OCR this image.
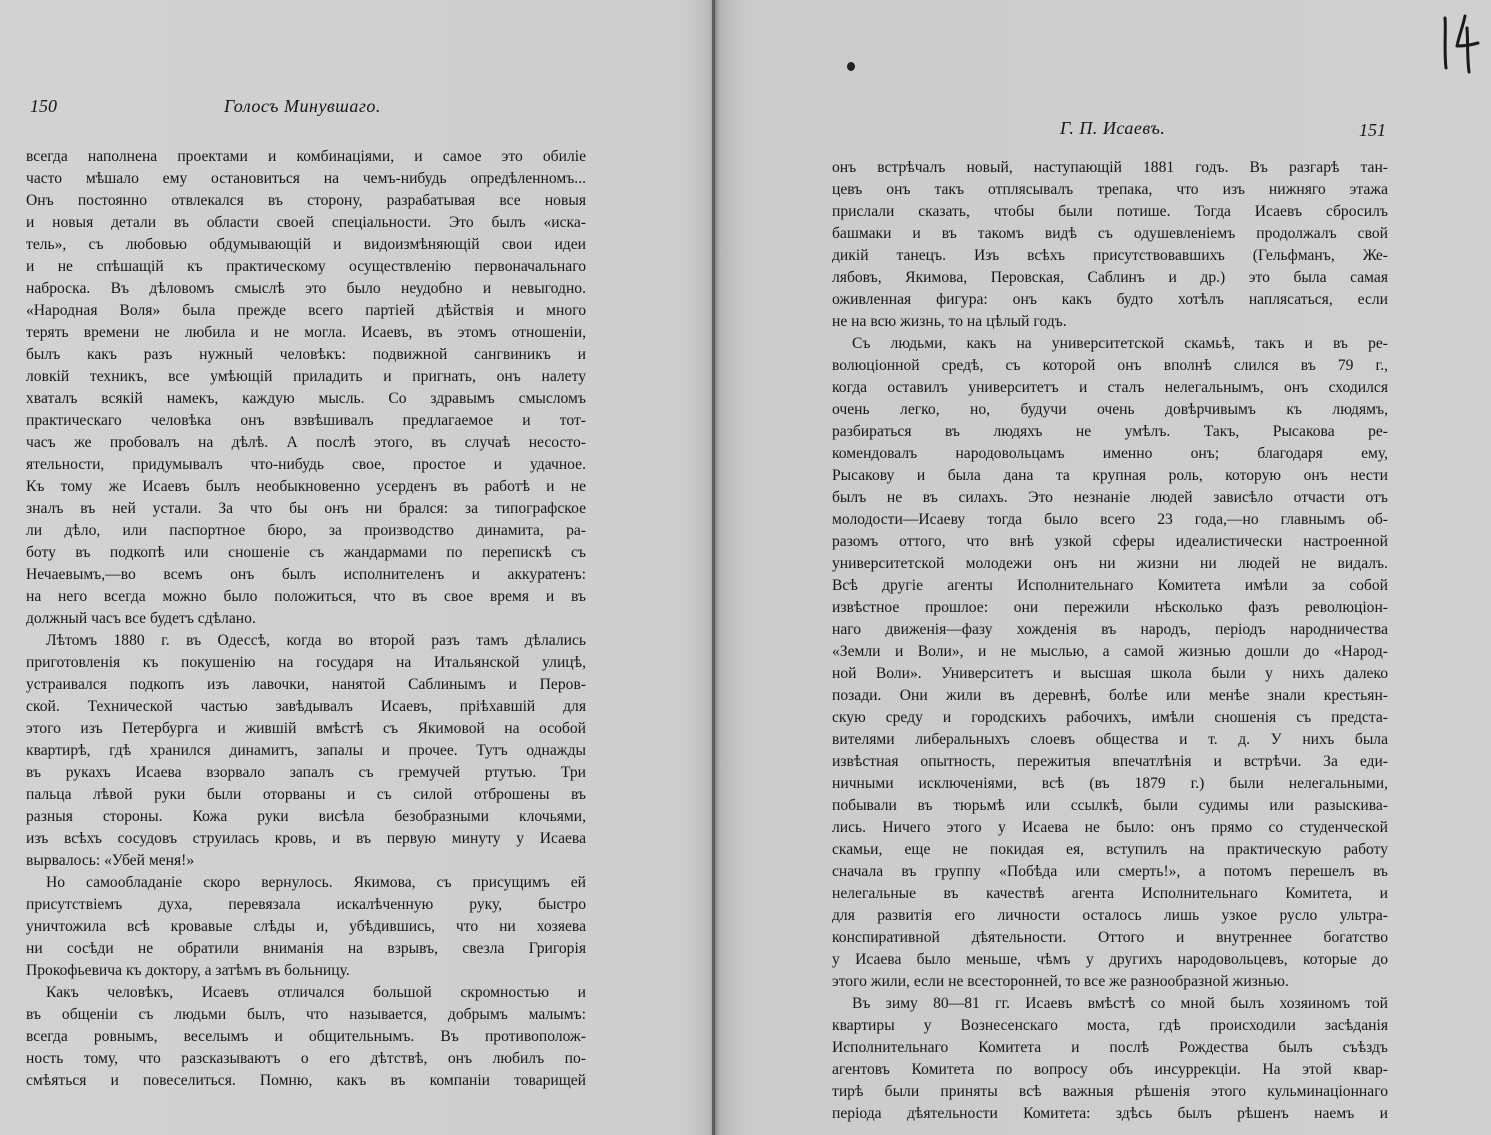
150	Голосъ Минувшаго.
всегда наполнена проектами и комбинаціями, и самое это обиліе
часто мѣшало ему остановиться на чемъ-нибудь опредѣленномъ...
Онъ постоянно отвлекался въ сторону, разрабатывая все новыя
и новыя детали въ области своей спеціальности. Это былъ «иска-
тель», съ любовью обдумывающій и видоизмѣняющій свои идеи
и не спѣшащій къ практическому осуществленію первоначальнаго
наброска. Въ дѣловомъ смыслѣ это было неудобно и невыгодно.
«Народная Воля» была прежде всего партіей дѣйствія и много
терять времени не любила и не могла. Исаевъ, въ этомъ отношеніи,
былъ какъ разъ нужный человѣкъ: подвижной сангвиникъ и
ловкій техникъ, все умѣющій приладить и пригнать, онъ налету
хваталъ всякій намекъ, каждую мысль. Со здравымъ смысломъ
практическаго человѣка онъ взвѣшивалъ предлагаемое и тот-
часъ же пробовалъ на дѣлѣ. А послѣ этого, въ случаѣ несосто-
ятельности, придумывалъ что-нибудь свое, простое и удачное.
Къ тому же Исаевъ былъ необыкновенно усерденъ въ работѣ и не
зналъ въ ней устали. За что бы онъ ни брался: за типографское
ли дѣло, или паспортное бюро, за производство динамита, ра-
боту въ подкопѣ или сношеніе съ жандармами по перепискѣ съ
Нечаевымъ,—во всемъ онъ былъ исполнителенъ и аккуратенъ:
на него всегда можно было положиться, что въ свое время и въ
должный часъ все будетъ сдѣлано.
Лѣтомъ 1880 г. въ Одессѣ, когда во второй разъ тамъ дѣлались
приготовленія къ покушенію на государя на Итальянской улицѣ,
устраивался подкопъ изъ лавочки, нанятой Саблинымъ и Перов-
ской. Технической частью завѣдывалъ Исаевъ, пріѣхавшій для
этого изъ Петербурга и жившій вмѣстѣ съ Якимовой на особой
квартирѣ, гдѣ хранился динамитъ, запалы и прочее. Тутъ однажды
въ рукахъ Исаева взорвало запалъ съ гремучей ртутью. Три
пальца лѣвой руки были оторваны и съ силой отброшены въ
разныя стороны. Кожа руки висѣла безобразными клочьями,
изъ всѣхъ сосудовъ струилась кровь, и въ первую минуту у Исаева
вырвалось: «Убей меня!»
Но самообладаніе скоро вернулось. Якимова, съ присущимъ ей
присутствіемъ духа, перевязала искалѣченную руку, быстро
уничтожила всѣ кровавые слѣды и, убѣдившись, что ни хозяева
ни сосѣди не обратили вниманія на взрывъ, свезла Григорія
Прокофьевича къ доктору, а затѣмъ въ больницу.
Какъ человѣкъ, Исаевъ отличался большой скромностью и
въ общеніи съ людьми былъ, что называется, добрымъ малымъ:
всегда ровнымъ, веселымъ и общительнымъ. Въ противополож-
ность тому, что разсказываютъ о его дѣтствѣ, онъ любилъ по-
смѣяться и повеселиться. Помню, какъ въ компаніи товарищей
Г. П. Исаевъ.	151
онъ встрѣчалъ новый, наступающій 1881 годъ. Въ разгарѣ тан-
цевъ онъ такъ отплясывалъ трепака, что изъ нижняго этажа
прислали сказать, чтобы были потише. Тогда Исаевъ сбросилъ
башмаки и въ такомъ видѣ съ одушевленіемъ продолжалъ свой
дикій танецъ. Изъ всѣхъ присутствовавшихъ (Гельфманъ, Же-
лябовъ, Якимова, Перовская, Саблинъ и др.) это была самая
оживленная фигура: онъ какъ будто хотѣлъ наплясаться, если
не на всю жизнь, то на цѣлый годъ.
Съ людьми, какъ на университетской скамьѣ, такъ и въ ре-
волюціонной средѣ, съ которой онъ вполнѣ слился въ 79 г.,
когда оставилъ университетъ и сталъ нелегальнымъ, онъ сходился
очень легко, но, будучи очень довѣрчивымъ къ людямъ,
разбираться въ людяхъ не умѣлъ. Такъ, Рысакова ре-
комендовалъ народовольцамъ именно онъ; благодаря ему,
Рысакову и была дана та крупная роль, которую онъ нести
былъ не въ силахъ. Это незнаніе людей зависѣло отчасти отъ
молодости—Исаеву тогда было всего 23 года,—но главнымъ об-
разомъ оттого, что внѣ узкой сферы идеалистически настроенной
университетской молодежи онъ ни жизни ни людей не видалъ.
Всѣ другіе агенты Исполнительнаго Комитета имѣли за собой
извѣстное прошлое: они пережили нѣсколько фазъ революціон-
наго движенія—фазу хожденія въ народъ, періодъ народничества
«Земли и Воли», и не мыслью, а самой жизнью дошли до «Народ-
ной Воли». Университетъ и высшая школа были у нихъ далеко
позади. Они жили въ деревнѣ, болѣе или менѣе знали крестьян-
скую среду и городскихъ рабочихъ, имѣли сношенія съ предста-
вителями либеральныхъ слоевъ общества и т. д. У нихъ была
извѣстная опытность, пережитыя впечатлѣнія и встрѣчи. За еди-
ничными исключеніями, всѣ (въ 1879 г.) были нелегальными,
побывали въ тюрьмѣ или ссылкѣ, были судимы или разыскива-
лись. Ничего этого у Исаева не было: онъ прямо со студенческой
скамьи, еще не покидая ея, вступилъ на практическую работу
сначала въ группу «Побѣда или смерть!», а потомъ перешелъ въ
нелегальные въ качествѣ агента Исполнительнаго Комитета, и
для развитія его личности осталось лишь узкое русло ультра-
конспиративной дѣятельности. Оттого и внутреннее богатство
у Исаева было меньше, чѣмъ у другихъ народовольцевъ, которые до
этого жили, если не всесторонней, то все же разнообразной жизнью.
Въ зиму 80—81 гг. Исаевъ вмѣстѣ со мной былъ хозяиномъ той
квартиры у Вознесенскаго моста, гдѣ происходили засѣданія
Исполнительнаго Комитета и послѣ Рождества былъ съѣздъ
агентовъ Комитета по вопросу объ инсуррекціи. На этой квар-
тирѣ были приняты всѣ важныя рѣшенія этого кульминаціоннаго
періода дѣятельности Комитета: здѣсь былъ рѣшенъ наемъ и
